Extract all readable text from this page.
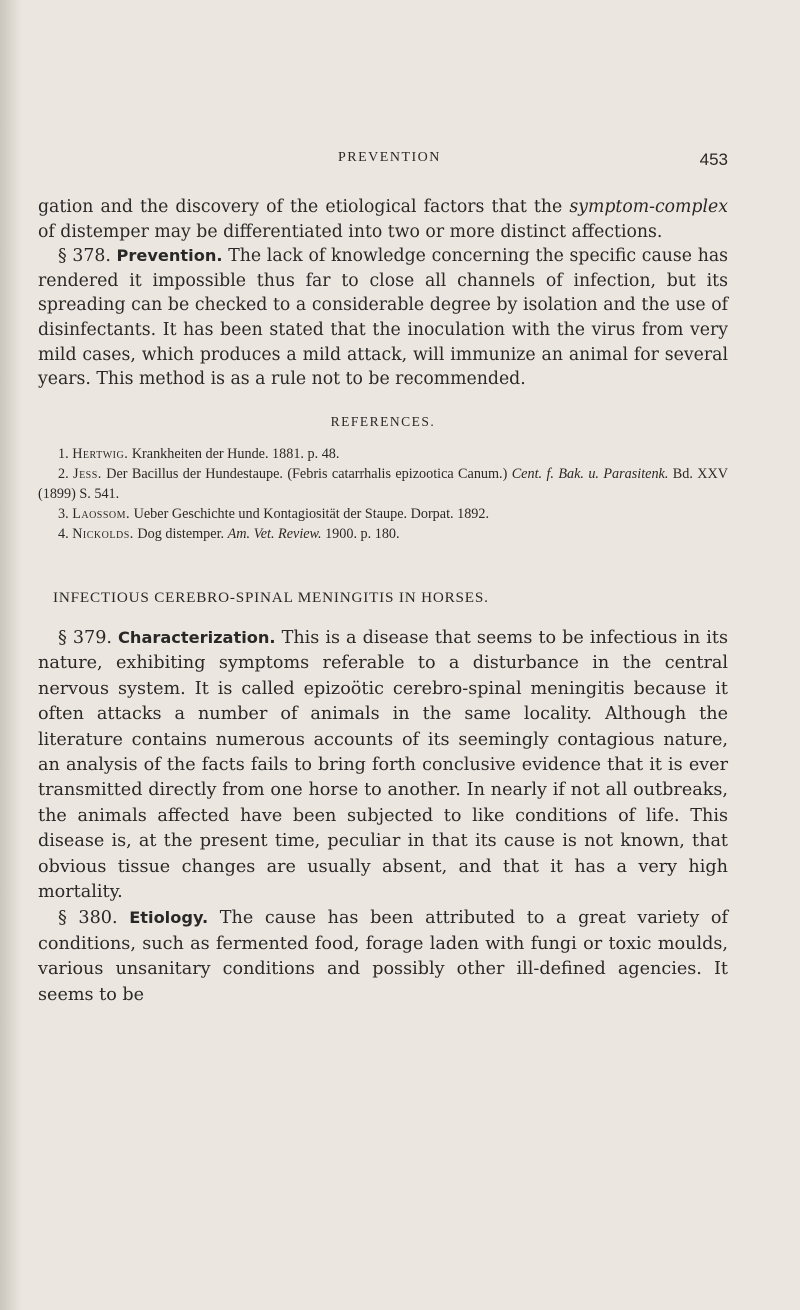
PREVENTION	453

gation and the discovery of the etiological factors that the symptom-complex of distemper may be differentiated into two or more distinct affections.

§ 378. Prevention. The lack of knowledge concerning the specific cause has rendered it impossible thus far to close all channels of infection, but its spreading can be checked to a considerable degree by isolation and the use of disinfectants. It has been stated that the inoculation with the virus from very mild cases, which produces a mild attack, will immunize an animal for several years. This method is as a rule not to be recommended.

REFERENCES.

1. Hertwig. Krankheiten der Hunde. 1881. p. 48.

2. Jess. Der Bacillus der Hundestaupe. (Febris catarrhalis epizootica Canum.) Cent. f. Bak. u. Parasitenk. Bd. XXV (1899) S. 541.

3. Laossom. Ueber Geschichte und Kontagiosität der Staupe. Dorpat. 1892.

4. Nickolds. Dog distemper. Am. Vet. Review. 1900. p. 180.

INFECTIOUS CEREBRO-SPINAL MENINGITIS IN HORSES.

§ 379. Characterization. This is a disease that seems to be infectious in its nature, exhibiting symptoms referable to a disturbance in the central nervous system. It is called epizoötic cerebro-spinal meningitis because it often attacks a number of animals in the same locality. Although the literature contains numerous accounts of its seemingly contagious nature, an analysis of the facts fails to bring forth conclusive evidence that it is ever transmitted directly from one horse to another. In nearly if not all outbreaks, the animals affected have been subjected to like conditions of life. This disease is, at the present time, peculiar in that its cause is not known, that obvious tissue changes are usually absent, and that it has a very high mortality.

§ 380. Etiology. The cause has been attributed to a great variety of conditions, such as fermented food, forage laden with fungi or toxic moulds, various unsanitary conditions and possibly other ill-defined agencies. It seems to be
